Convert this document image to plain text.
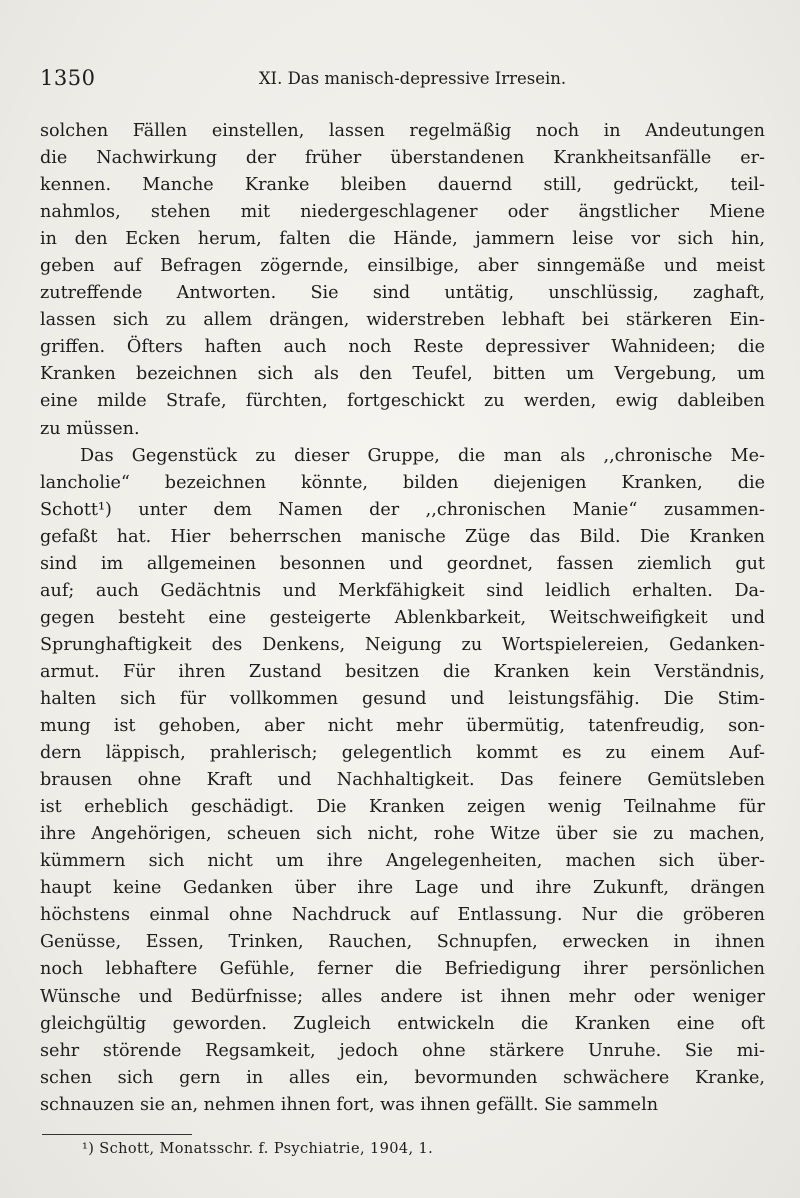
1350	XI. Das manisch-depressive Irresein.
solchen Fällen einstellen, lassen regelmäßig noch in Andeutungen
die Nachwirkung der früher überstandenen Krankheitsanfälle er-
kennen. Manche Kranke bleiben dauernd still, gedrückt, teil-
nahmlos, stehen mit niedergeschlagener oder ängstlicher Miene
in den Ecken herum, falten die Hände, jammern leise vor sich hin,
geben auf Befragen zögernde, einsilbige, aber sinngemäße und meist
zutreffende Antworten. Sie sind untätig, unschlüssig, zaghaft,
lassen sich zu allem drängen, widerstreben lebhaft bei stärkeren Ein-
griffen. Öfters haften auch noch Reste depressiver Wahnideen; die
Kranken bezeichnen sich als den Teufel, bitten um Vergebung, um
eine milde Strafe, fürchten, fortgeschickt zu werden, ewig dableiben
zu müssen.
Das Gegenstück zu dieser Gruppe, die man als ,,chronische Me-
lancholie“ bezeichnen könnte, bilden diejenigen Kranken, die
Schott¹) unter dem Namen der ,,chronischen Manie“ zusammen-
gefaßt hat. Hier beherrschen manische Züge das Bild. Die Kranken
sind im allgemeinen besonnen und geordnet, fassen ziemlich gut
auf; auch Gedächtnis und Merkfähigkeit sind leidlich erhalten. Da-
gegen besteht eine gesteigerte Ablenkbarkeit, Weitschweifigkeit und
Sprunghaftigkeit des Denkens, Neigung zu Wortspielereien, Gedanken-
armut. Für ihren Zustand besitzen die Kranken kein Verständnis,
halten sich für vollkommen gesund und leistungsfähig. Die Stim-
mung ist gehoben, aber nicht mehr übermütig, tatenfreudig, son-
dern läppisch, prahlerisch; gelegentlich kommt es zu einem Auf-
brausen ohne Kraft und Nachhaltigkeit. Das feinere Gemütsleben
ist erheblich geschädigt. Die Kranken zeigen wenig Teilnahme für
ihre Angehörigen, scheuen sich nicht, rohe Witze über sie zu machen,
kümmern sich nicht um ihre Angelegenheiten, machen sich über-
haupt keine Gedanken über ihre Lage und ihre Zukunft, drängen
höchstens einmal ohne Nachdruck auf Entlassung. Nur die gröberen
Genüsse, Essen, Trinken, Rauchen, Schnupfen, erwecken in ihnen
noch lebhaftere Gefühle, ferner die Befriedigung ihrer persönlichen
Wünsche und Bedürfnisse; alles andere ist ihnen mehr oder weniger
gleichgültig geworden. Zugleich entwickeln die Kranken eine oft
sehr störende Regsamkeit, jedoch ohne stärkere Unruhe. Sie mi-
schen sich gern in alles ein, bevormunden schwächere Kranke,
schnauzen sie an, nehmen ihnen fort, was ihnen gefällt. Sie sammeln
¹) Schott, Monatsschr. f. Psychiatrie, 1904, 1.
